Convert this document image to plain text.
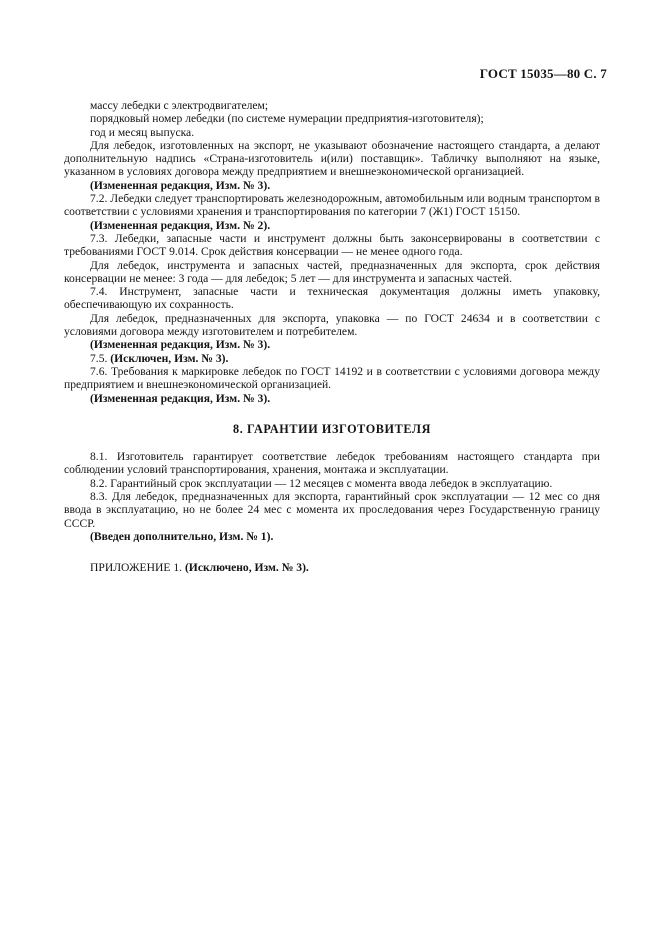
ГОСТ 15035—80 С. 7

массу лебедки с электродвигателем;

порядковый номер лебедки (по системе нумерации предприятия-изготовителя);

год и месяц выпуска.

Для лебедок, изготовленных на экспорт, не указывают обозначение настоящего стандарта, а делают дополнительную надпись «Страна-изготовитель и(или) поставщик». Табличку выполняют на языке, указанном в условиях договора между предприятием и внешнеэкономической организацией.

(Измененная редакция, Изм. № 3).

7.2. Лебедки следует транспортировать железнодорожным, автомобильным или водным транспортом в соответствии с условиями хранения и транспортирования по категории 7 (Ж1) ГОСТ 15150.

(Измененная редакция, Изм. № 2).

7.3. Лебедки, запасные части и инструмент должны быть законсервированы в соответствии с требованиями ГОСТ 9.014. Срок действия консервации — не менее одного года.

Для лебедок, инструмента и запасных частей, предназначенных для экспорта, срок действия консервации не менее: 3 года — для лебедок; 5 лет — для инструмента и запасных частей.

7.4. Инструмент, запасные части и техническая документация должны иметь упаковку, обеспечивающую их сохранность.

Для лебедок, предназначенных для экспорта, упаковка — по ГОСТ 24634 и в соответствии с условиями договора между изготовителем и потребителем.

(Измененная редакция, Изм. № 3).

7.5. (Исключен, Изм. № 3).

7.6. Требования к маркировке лебедок по ГОСТ 14192 и в соответствии с условиями договора между предприятием и внешнеэкономической организацией.

(Измененная редакция, Изм. № 3).

8. ГАРАНТИИ ИЗГОТОВИТЕЛЯ

8.1. Изготовитель гарантирует соответствие лебедок требованиям настоящего стандарта при соблюдении условий транспортирования, хранения, монтажа и эксплуатации.

8.2. Гарантийный срок эксплуатации — 12 месяцев с момента ввода лебедок в эксплуатацию.

8.3. Для лебедок, предназначенных для экспорта, гарантийный срок эксплуатации — 12 мес со дня ввода в эксплуатацию, но не более 24 мес с момента их проследования через Государственную границу СССР.

(Введен дополнительно, Изм. № 1).

ПРИЛОЖЕНИЕ 1. (Исключено, Изм. № 3).
